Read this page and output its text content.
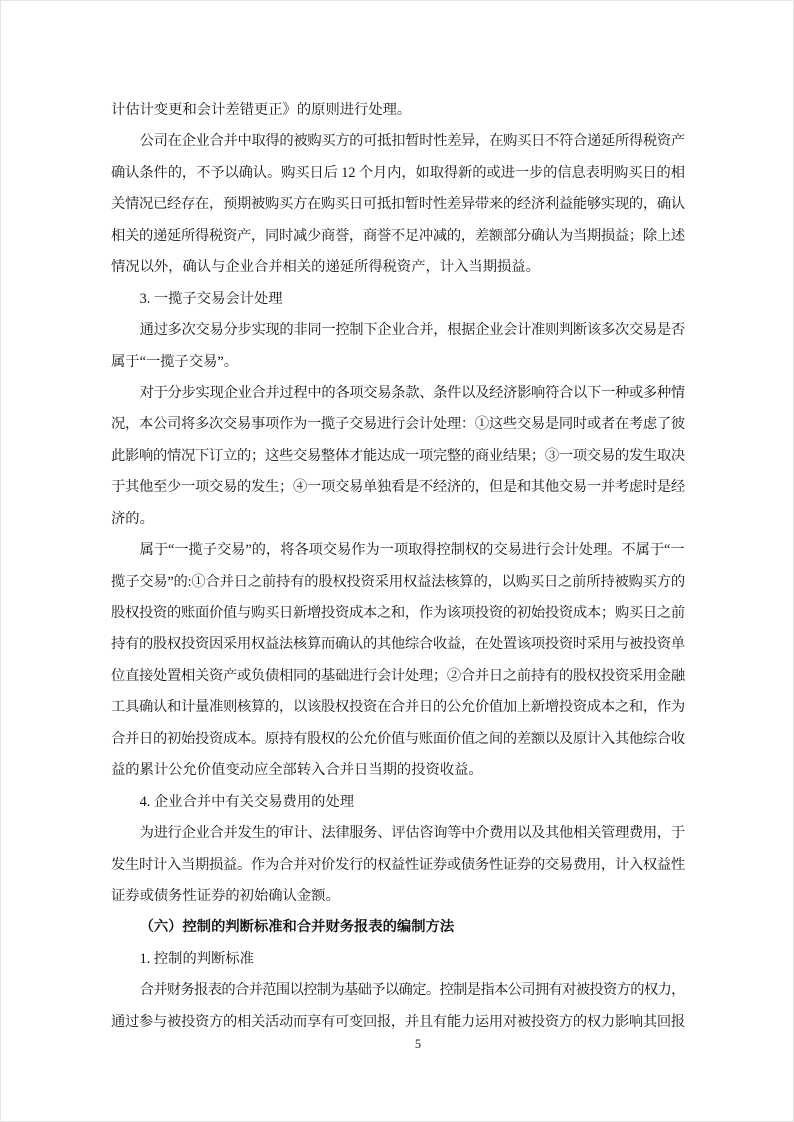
计估计变更和会计差错更正》的原则进行处理。
公司在企业合并中取得的被购买方的可抵扣暂时性差异，在购买日不符合递延所得税资产
确认条件的，不予以确认。购买日后 12 个月内，如取得新的或进一步的信息表明购买日的相
关情况已经存在，预期被购买方在购买日可抵扣暂时性差异带来的经济利益能够实现的，确认
相关的递延所得税资产，同时减少商誉，商誉不足冲减的，差额部分确认为当期损益；除上述
情况以外，确认与企业合并相关的递延所得税资产，计入当期损益。
3. 一揽子交易会计处理
通过多次交易分步实现的非同一控制下企业合并，根据企业会计准则判断该多次交易是否
属于“一揽子交易”。
对于分步实现企业合并过程中的各项交易条款、条件以及经济影响符合以下一种或多种情
况，本公司将多次交易事项作为一揽子交易进行会计处理：①这些交易是同时或者在考虑了彼
此影响的情况下订立的；这些交易整体才能达成一项完整的商业结果；③一项交易的发生取决
于其他至少一项交易的发生；④一项交易单独看是不经济的，但是和其他交易一并考虑时是经
济的。
属于“一揽子交易”的，将各项交易作为一项取得控制权的交易进行会计处理。不属于“一
揽子交易”的:①合并日之前持有的股权投资采用权益法核算的，以购买日之前所持被购买方的
股权投资的账面价值与购买日新增投资成本之和，作为该项投资的初始投资成本；购买日之前
持有的股权投资因采用权益法核算而确认的其他综合收益，在处置该项投资时采用与被投资单
位直接处置相关资产或负债相同的基础进行会计处理；②合并日之前持有的股权投资采用金融
工具确认和计量准则核算的，以该股权投资在合并日的公允价值加上新增投资成本之和，作为
合并日的初始投资成本。原持有股权的公允价值与账面价值之间的差额以及原计入其他综合收
益的累计公允价值变动应全部转入合并日当期的投资收益。
4. 企业合并中有关交易费用的处理
为进行企业合并发生的审计、法律服务、评估咨询等中介费用以及其他相关管理费用，于
发生时计入当期损益。作为合并对价发行的权益性证券或债务性证券的交易费用，计入权益性
证券或债务性证券的初始确认金额。
（六）控制的判断标准和合并财务报表的编制方法
1. 控制的判断标准
合并财务报表的合并范围以控制为基础予以确定。控制是指本公司拥有对被投资方的权力，
通过参与被投资方的相关活动而享有可变回报，并且有能力运用对被投资方的权力影响其回报
5
